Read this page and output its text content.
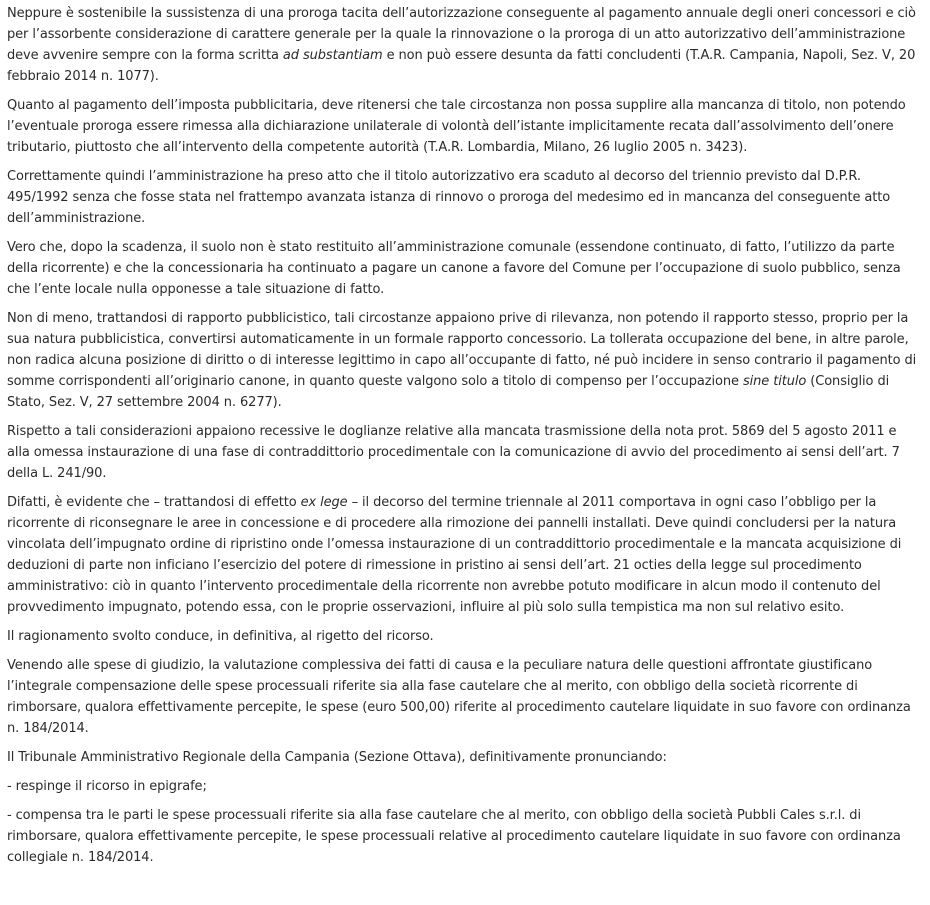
Neppure è sostenibile la sussistenza di una proroga tacita dell’autorizzazione conseguente al pagamento annuale degli oneri concessori e ciò per l’assorbente considerazione di carattere generale per la quale la rinnovazione o la proroga di un atto autorizzativo dell’amministrazione deve avvenire sempre con la forma scritta ad substantiam e non può essere desunta da fatti concludenti (T.A.R. Campania, Napoli, Sez. V, 20 febbraio 2014 n. 1077).

Quanto al pagamento dell’imposta pubblicitaria, deve ritenersi che tale circostanza non possa supplire alla mancanza di titolo, non potendo l’eventuale proroga essere rimessa alla dichiarazione unilaterale di volontà dell’istante implicitamente recata dall’assolvimento dell’onere tributario, piuttosto che all’intervento della competente autorità (T.A.R. Lombardia, Milano, 26 luglio 2005 n. 3423).

Correttamente quindi l’amministrazione ha preso atto che il titolo autorizzativo era scaduto al decorso del triennio previsto dal D.P.R. 495/1992 senza che fosse stata nel frattempo avanzata istanza di rinnovo o proroga del medesimo ed in mancanza del conseguente atto dell’amministrazione.

Vero che, dopo la scadenza, il suolo non è stato restituito all’amministrazione comunale (essendone continuato, di fatto, l’utilizzo da parte della ricorrente) e che la concessionaria ha continuato a pagare un canone a favore del Comune per l’occupazione di suolo pubblico, senza che l’ente locale nulla opponesse a tale situazione di fatto.

Non di meno, trattandosi di rapporto pubblicistico, tali circostanze appaiono prive di rilevanza, non potendo il rapporto stesso, proprio per la sua natura pubblicistica, convertirsi automaticamente in un formale rapporto concessorio. La tollerata occupazione del bene, in altre parole, non radica alcuna posizione di diritto o di interesse legittimo in capo all’occupante di fatto, né può incidere in senso contrario il pagamento di somme corrispondenti all’originario canone, in quanto queste valgono solo a titolo di compenso per l’occupazione sine titulo (Consiglio di Stato, Sez. V, 27 settembre 2004 n. 6277).

Rispetto a tali considerazioni appaiono recessive le doglianze relative alla mancata trasmissione della nota prot. 5869 del 5 agosto 2011 e alla omessa instaurazione di una fase di contraddittorio procedimentale con la comunicazione di avvio del procedimento ai sensi dell’art. 7 della L. 241/90.

Difatti, è evidente che – trattandosi di effetto ex lege – il decorso del termine triennale al 2011 comportava in ogni caso l’obbligo per la ricorrente di riconsegnare le aree in concessione e di procedere alla rimozione dei pannelli installati. Deve quindi concludersi per la natura vincolata dell’impugnato ordine di ripristino onde l’omessa instaurazione di un contraddittorio procedimentale e la mancata acquisizione di deduzioni di parte non inficiano l’esercizio del potere di rimessione in pristino ai sensi dell’art. 21 octies della legge sul procedimento amministrativo: ciò in quanto l’intervento procedimentale della ricorrente non avrebbe potuto modificare in alcun modo il contenuto del provvedimento impugnato, potendo essa, con le proprie osservazioni, influire al più solo sulla tempistica ma non sul relativo esito.

Il ragionamento svolto conduce, in definitiva, al rigetto del ricorso.

Venendo alle spese di giudizio, la valutazione complessiva dei fatti di causa e la peculiare natura delle questioni affrontate giustificano l’integrale compensazione delle spese processuali riferite sia alla fase cautelare che al merito, con obbligo della società ricorrente di rimborsare, qualora effettivamente percepite, le spese (euro 500,00) riferite al procedimento cautelare liquidate in suo favore con ordinanza n. 184/2014.

Il Tribunale Amministrativo Regionale della Campania (Sezione Ottava), definitivamente pronunciando:

- respinge il ricorso in epigrafe;

- compensa tra le parti le spese processuali riferite sia alla fase cautelare che al merito, con obbligo della società Pubbli Cales s.r.l. di rimborsare, qualora effettivamente percepite, le spese processuali relative al procedimento cautelare liquidate in suo favore con ordinanza collegiale n. 184/2014.
